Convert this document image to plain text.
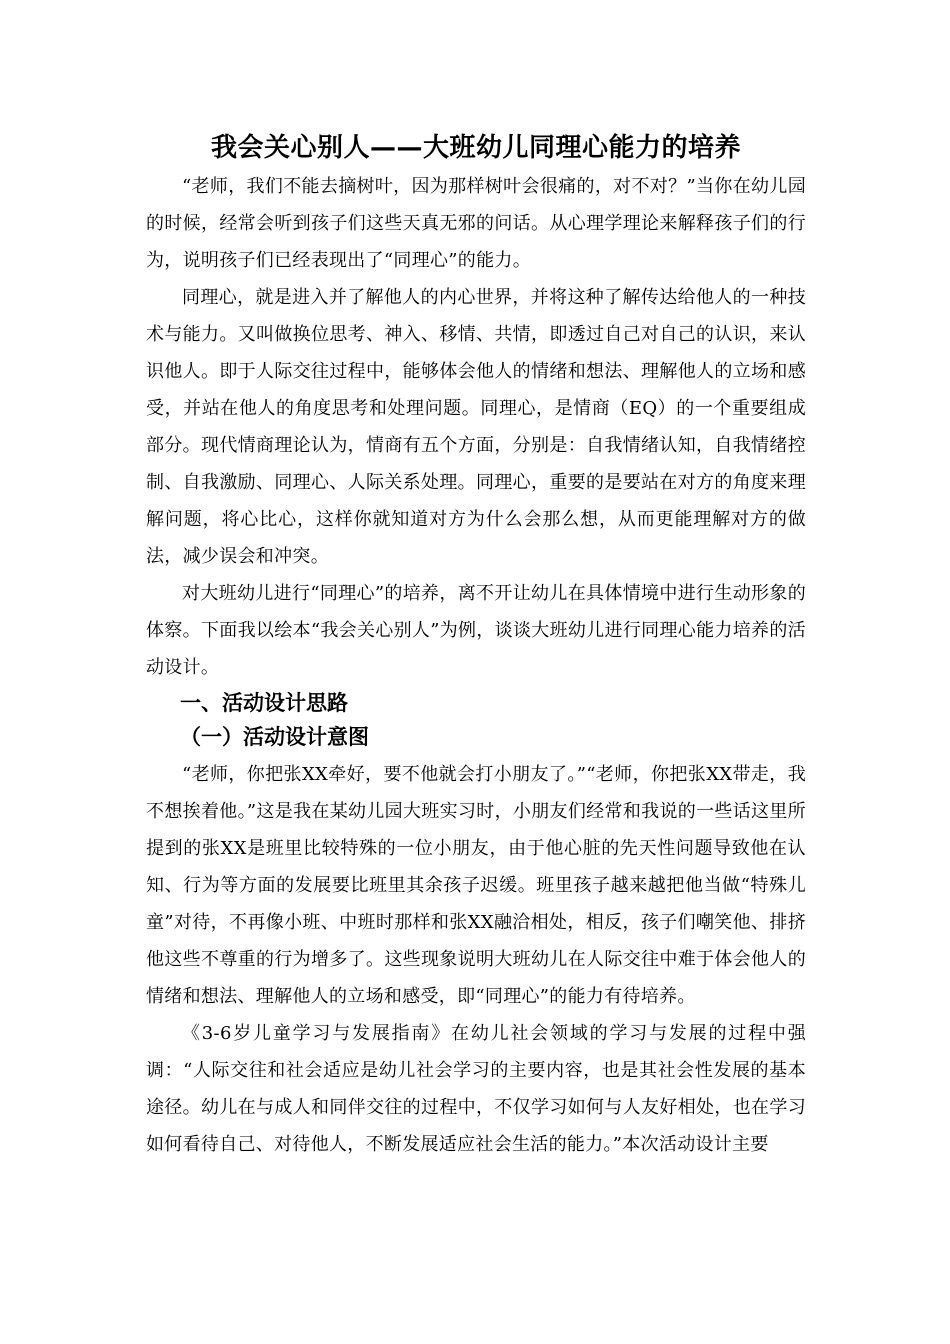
我会关心别人——大班幼儿同理心能力的培养

“老师，我们不能去摘树叶，因为那样树叶会很痛的，对不对？”当你在幼儿园的时候，经常会听到孩子们这些天真无邪的问话。从心理学理论来解释孩子们的行为，说明孩子们已经表现出了“同理心”的能力。

同理心，就是进入并了解他人的内心世界，并将这种了解传达给他人的一种技术与能力。又叫做换位思考、神入、移情、共情，即透过自己对自己的认识，来认识他人。即于人际交往过程中，能够体会他人的情绪和想法、理解他人的立场和感受，并站在他人的角度思考和处理问题。同理心，是情商（EQ）的一个重要组成部分。现代情商理论认为，情商有五个方面，分别是：自我情绪认知，自我情绪控制、自我激励、同理心、人际关系处理。同理心，重要的是要站在对方的角度来理解问题，将心比心，这样你就知道对方为什么会那么想，从而更能理解对方的做法，减少误会和冲突。

对大班幼儿进行“同理心”的培养，离不开让幼儿在具体情境中进行生动形象的体察。下面我以绘本“我会关心别人”为例，谈谈大班幼儿进行同理心能力培养的活动设计。

一、活动设计思路
（一）活动设计意图

“老师，你把张XX牵好，要不他就会打小朋友了。”“老师，你把张XX带走，我不想挨着他。”这是我在某幼儿园大班实习时，小朋友们经常和我说的一些话这里所提到的张XX是班里比较特殊的一位小朋友，由于他心脏的先天性问题导致他在认知、行为等方面的发展要比班里其余孩子迟缓。班里孩子越来越把他当做“特殊儿童”对待，不再像小班、中班时那样和张XX融洽相处，相反，孩子们嘲笑他、排挤他这些不尊重的行为增多了。这些现象说明大班幼儿在人际交往中难于体会他人的情绪和想法、理解他人的立场和感受，即“同理心”的能力有待培养。

《3-6岁儿童学习与发展指南》在幼儿社会领域的学习与发展的过程中强调：“人际交往和社会适应是幼儿社会学习的主要内容，也是其社会性发展的基本途径。幼儿在与成人和同伴交往的过程中，不仅学习如何与人友好相处，也在学习如何看待自己、对待他人，不断发展适应社会生活的能力。”本次活动设计主要
